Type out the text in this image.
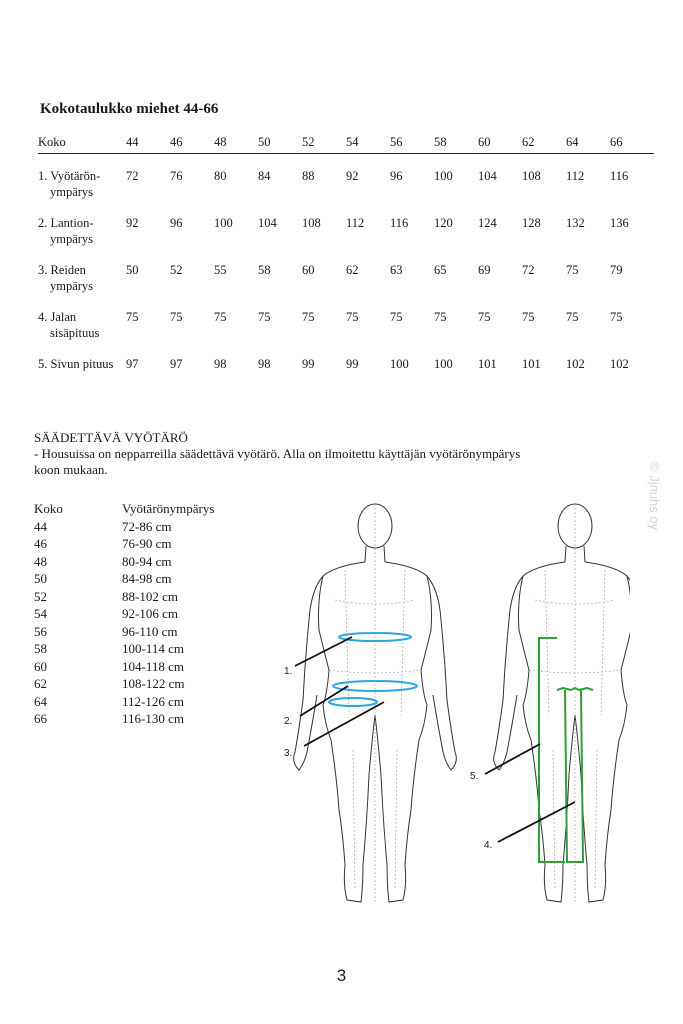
Kokotaulukko miehet 44-66
Koko	44	46	48	50	52	54	56	58	60	62	64	66

1. Vyötärön-
ympärys	72	76	80	84	88	92	96	100	104	108	112	116

2. Lantion-
ympärys	92	96	100	104	108	112	116	120	124	128	132	136

3. Reiden
ympärys	50	52	55	58	60	62	63	65	69	72	75	79

4. Jalan
sisäpituus	75	75	75	75	75	75	75	75	75	75	75	75

5. Sivun pituus	97	97	98	98	99	99	100	100	101	101	102	102
SÄÄDETTÄVÄ VYÖTÄRÖ
- Housuissa on nepparreilla säädettävä vyötärö. Alla on ilmoitettu käyttäjän vyötärönympärys
koon mukaan.
Koko	Vyötärönympärys
44	72-86 cm
46	76-90 cm
48	80-94 cm
50	84-98 cm
52	88-102 cm
54	92-106 cm
56	96-110 cm
58	100-114 cm
60	104-118 cm
62	108-122 cm
64	112-126 cm
66	116-130 cm
1.
2.
3.
5.
4.
© Jjnuhs oy
3
